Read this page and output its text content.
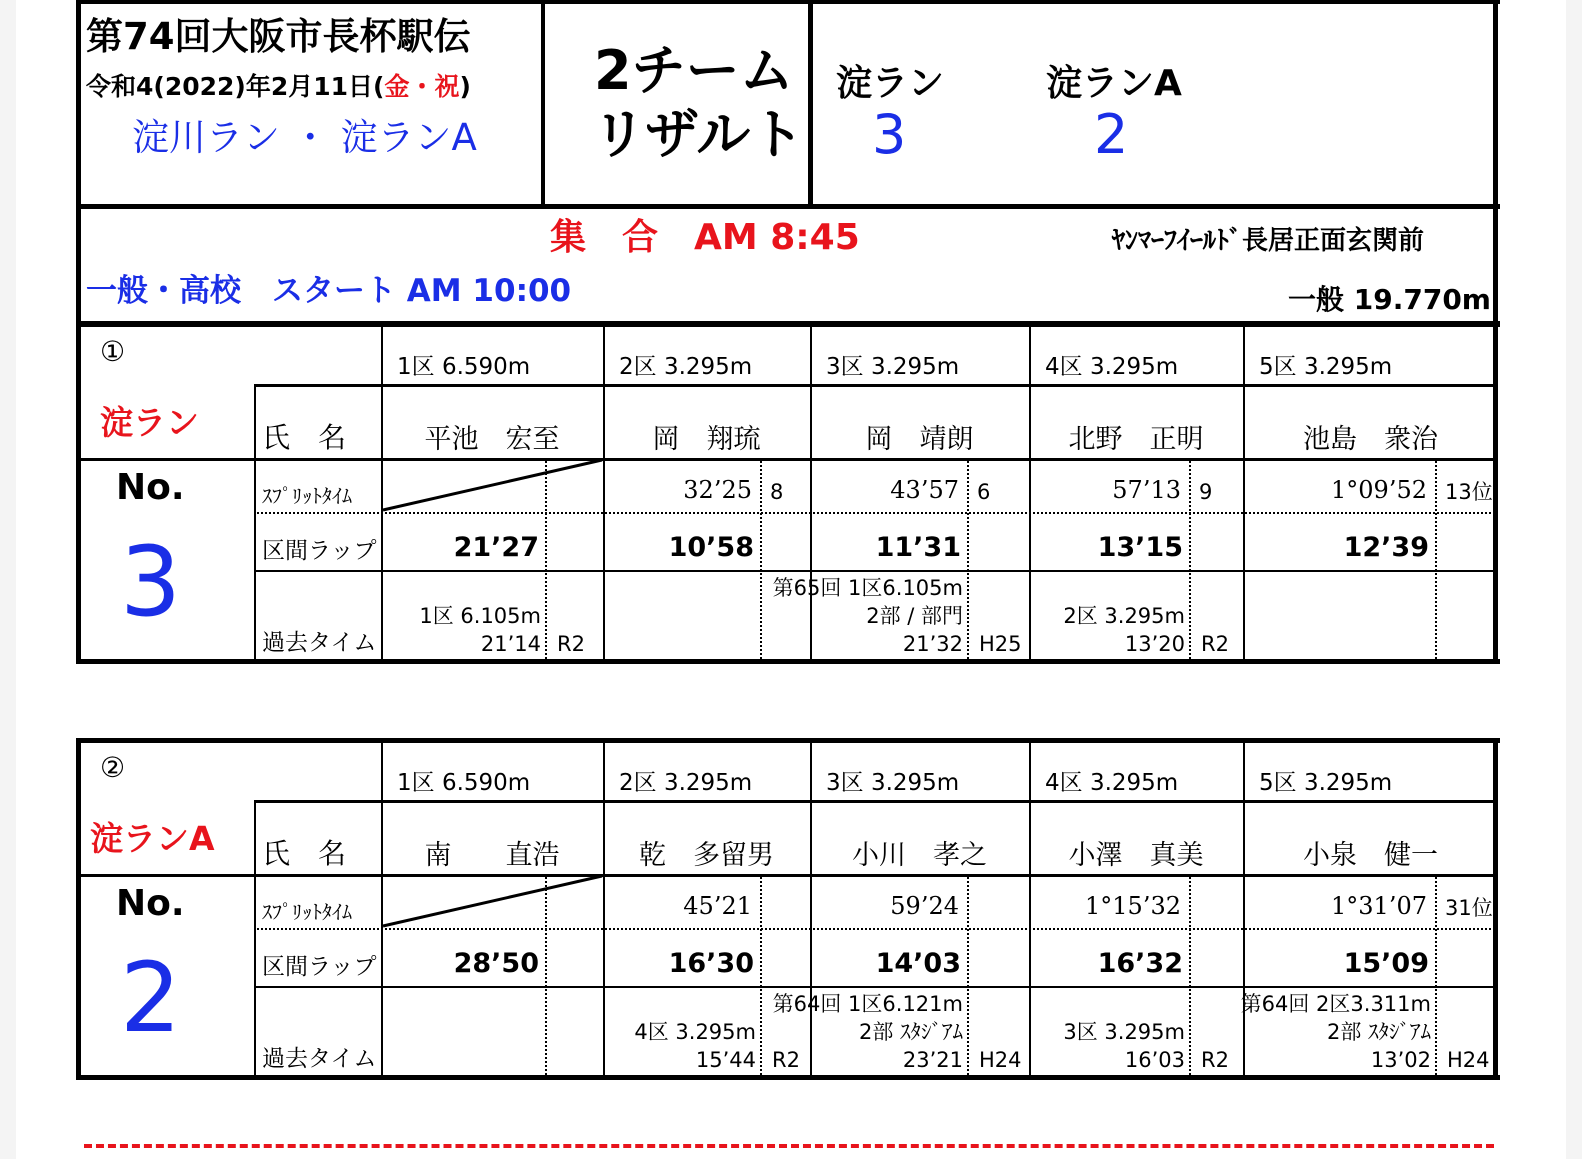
第74回大阪市長杯駅伝
令和4(2022)年2月11日(金・祝)
淀川ラン ・ 淀ランA
2チーム
リザルト
淀ラン
3
淀ランA
2
集　合　AM 8:45	ﾔﾝﾏｰﾌｲｰﾙﾄﾞ長居正面玄関前
一般・高校　スタート AM 10:00	一般 19.770m
①
淀ラン
No.
3
氏　名
ｽﾌﾟﾘｯﾄﾀｲﾑ
区間ラップ
過去タイム
1区 6.590m
平池　宏至
21’27
1区 6.105m
21’14 R2
2区 3.295m
岡　翔琉
32’25 8
10’58
3区 3.295m
岡　靖朗
43’57 6
11’31
第65回 1区6.105m
2部 / 部門
21’32 H25
4区 3.295m
北野　正明
57’13 9
13’15
2区 3.295m
13’20 R2
5区 3.295m
池島　衆治
1°09’52 13位
12’39
②
淀ランA
No.
2
氏　名
ｽﾌﾟﾘｯﾄﾀｲﾑ
区間ラップ
過去タイム
1区 6.590m
南　　直浩
28’50
2区 3.295m
乾　多留男
45’21
16’30
4区 3.295m
15’44 R2
3区 3.295m
小川　孝之
59’24
14’03
第64回 1区6.121m
2部 ｽﾀｼﾞｱﾑ
23’21 H24
4区 3.295m
小澤　真美
1°15’32
16’32
3区 3.295m
16’03 R2
5区 3.295m
小泉　健一
1°31’07 31位
15’09
第64回 2区3.311m
2部 ｽﾀｼﾞｱﾑ
13’02 H24
